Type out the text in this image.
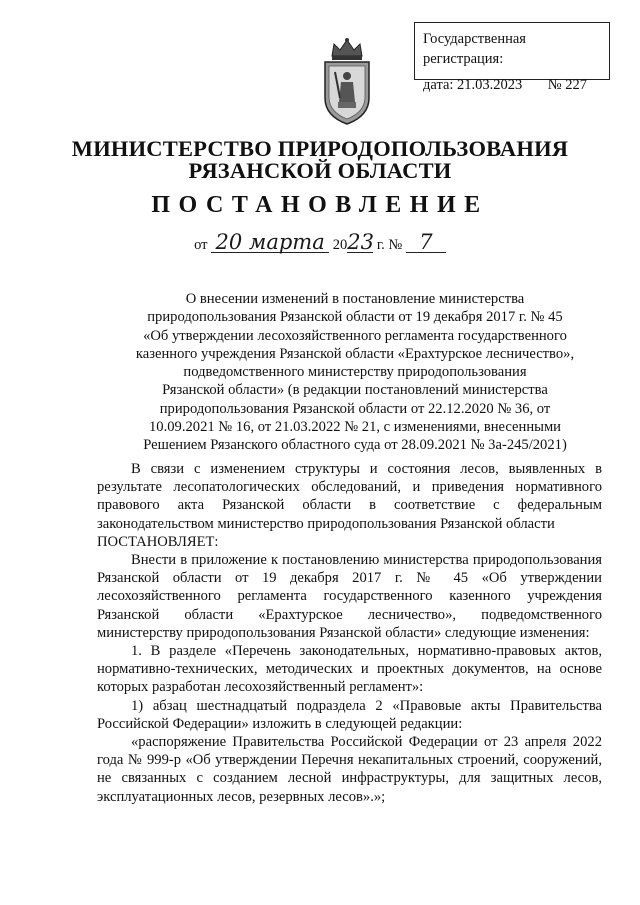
Государственная регистрация:
дата: 21.03.2023 № 227
МИНИСТЕРСТВО ПРИРОДОПОЛЬЗОВАНИЯ
РЯЗАНСКОЙ ОБЛАСТИ
ПОСТАНОВЛЕНИЕ
от 20 марта 2023 г. № 7
О внесении изменений в постановление министерства
природопользования Рязанской области от 19 декабря 2017 г. № 45
«Об утверждении лесохозяйственного регламента государственного
казенного учреждения Рязанской области «Ерахтурское лесничество»,
подведомственного министерству природопользования
Рязанской области» (в редакции постановлений министерства
природопользования Рязанской области от 22.12.2020 № 36, от
10.09.2021 № 16, от 21.03.2022 № 21, с изменениями, внесенными
Решением Рязанского областного суда от 28.09.2021 № 3а-245/2021)

В связи с изменением структуры и состояния лесов, выявленных в результате лесопатологических обследований, и приведения нормативного правового акта Рязанской области в соответствие с федеральным законодательством министерство природопользования Рязанской области

ПОСТАНОВЛЯЕТ:

Внести в приложение к постановлению министерства природопользования Рязанской области от 19 декабря 2017 г. № 45 «Об утверждении лесохозяйственного регламента государственного казенного учреждения Рязанской области «Ерахтурское лесничество», подведомственного министерству природопользования Рязанской области» следующие изменения:

1. В разделе «Перечень законодательных, нормативно-правовых актов, нормативно-технических, методических и проектных документов, на основе которых разработан лесохозяйственный регламент»:

1) абзац шестнадцатый подраздела 2 «Правовые акты Правительства Российской Федерации» изложить в следующей редакции:

«распоряжение Правительства Российской Федерации от 23 апреля 2022 года № 999-р «Об утверждении Перечня некапитальных строений, сооружений, не связанных с созданием лесной инфраструктуры, для защитных лесов, эксплуатационных лесов, резервных лесов».»;
